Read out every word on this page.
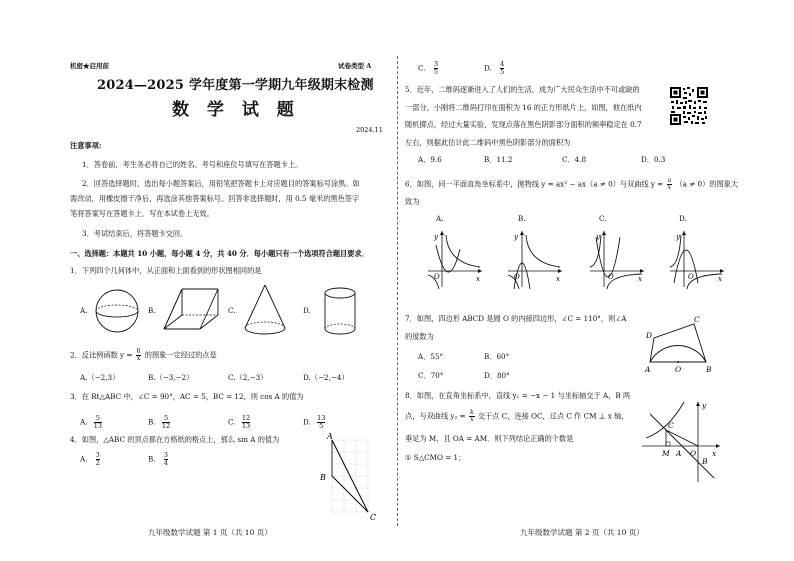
机密★启用前	试卷类型 A
2024—2025 学年度第一学期九年级期末检测
数 学 试 题
2024.11
注意事项:
1．答卷前，考生务必将自己的姓名、考号和座位号填写在答题卡上。
2．回答选择题时，选出每小题答案后，用铅笔把答题卡上对应题目的答案标号涂黑。如
需改动，用橡皮擦干净后，再选涂其他答案标号。回答非选择题时，用 0.5 毫米的黑色签字
笔将答案写在答题卡上．写在本试卷上无效。
3．考试结束后，将答题卡交回。
一、选择题：本题共 10 小题，每小题 4 分，共 40 分．每小题只有一个选项符合题目要求．
1．下列四个几何体中，从正面和上面看到的形状图相同的是
A.	B.	C.	D.
2．反比例函数 $y = \frac{6}{x}$ 的图象一定经过的点是
A.（−2,3）	B.（−3,−2）	C.（2,−3）	D.（−2,−4）
3．在 Rt△ABC 中，∠C = 90°，AC = 5，BC = 12，则 cos A 的值为
A. $\frac{5}{13}$	B. $\frac{5}{12}$	C. $\frac{12}{13}$	D. $\frac{13}{5}$
4．如图，△ABC 的顶点都在方格纸的格点上，那么 sin A 的值为
A. $\frac{3}{2}$	B. $\frac{3}{4}$
A
B
C
九年级数学试题 第 1 页（共 10 页）
C. $\frac{3}{5}$	D. $\frac{4}{5}$
5．近年，二维码逐渐进入了人们的生活，成为广大民众生活中不可或缺的
一部分，小刚将二维码打印在面积为 16 的正方形纸片上，如图，他在纸内
随机掷点，经过大量实验，发现点落在黑色阴影部分面积的频率稳定在 0.7
左右，则据此估计此二维码中黑色阴影部分的面积为
A．9.6	B．11.2	C．4.8	D．0.3
6．如图，同一平面直角坐标系中，抛物线 y = ax² − ax（a ≠ 0）与双曲线 $y = \frac{a}{x} (a \ne 0)$的图象大
致为
A.	B.	C.	D.
y
x
O
y
x
O
y
x
O
y
x
O
7．如图，四边形 ABCD 是圆 O 的内接四边形，∠C = 110°，则∠A
的度数为
A．55°	B．60°
C．70°	D．80°
A	O	B
C
D
8．如图，在直角坐标系中，直线 y₁ = −x − 1 与坐标轴交于 A，B 两
点，与双曲线 $y_2 = \frac{k}{x}$ 交于点 C，连接 OC，过点 C 作 CM ⊥ x 轴，
垂足为 M，且 OA = AM．则下列结论正确的个数是
① S△CMO = 1；
C
M A O x
y
B
九年级数学试题 第 2 页（共 10 页）
